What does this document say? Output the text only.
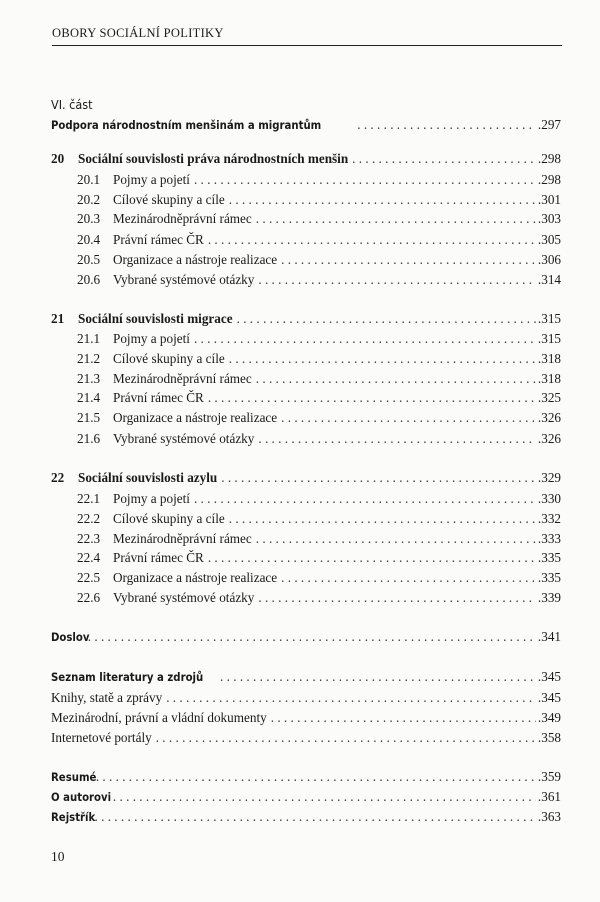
OBORY SOCIÁLNÍ POLITIKY
VI. část
Podpora národnostním menšinám a migrantům . . .	.297
20	Sociální souvislosti práva národnostních menšin . . .	.298
20.1 Pojmy a pojetí . . .	.298
20.2 Cílové skupiny a cíle . . .	.301
20.3 Mezinárodněprávní rámec . . .	.303
20.4 Právní rámec ČR . . .	.305
20.5 Organizace a nástroje realizace . . .	.306
20.6 Vybrané systémové otázky . . .	.314
21	Sociální souvislosti migrace . . .	.315
21.1 Pojmy a pojetí . . .	.315
21.2 Cílové skupiny a cíle . . .	.318
21.3 Mezinárodněprávní rámec . . .	.318
21.4 Právní rámec ČR . . .	.325
21.5 Organizace a nástroje realizace . . .	.326
21.6 Vybrané systémové otázky . . .	.326
22	Sociální souvislosti azylu . . .	.329
22.1 Pojmy a pojetí . . .	.330
22.2 Cílové skupiny a cíle . . .	.332
22.3 Mezinárodněprávní rámec . . .	.333
22.4 Právní rámec ČR . . .	.335
22.5 Organizace a nástroje realizace . . .	.335
22.6 Vybrané systémové otázky . . .	.339
Doslov . . .	.341
Seznam literatury a zdrojů . . .	.345
Knihy, statě a zprávy . . .	.345
Mezinárodní, právní a vládní dokumenty . . .	.349
Internetové portály . . .	.358
Resumé . . .	.359
O autorovi . . .	.361
Rejstřík . . .	.363
10
